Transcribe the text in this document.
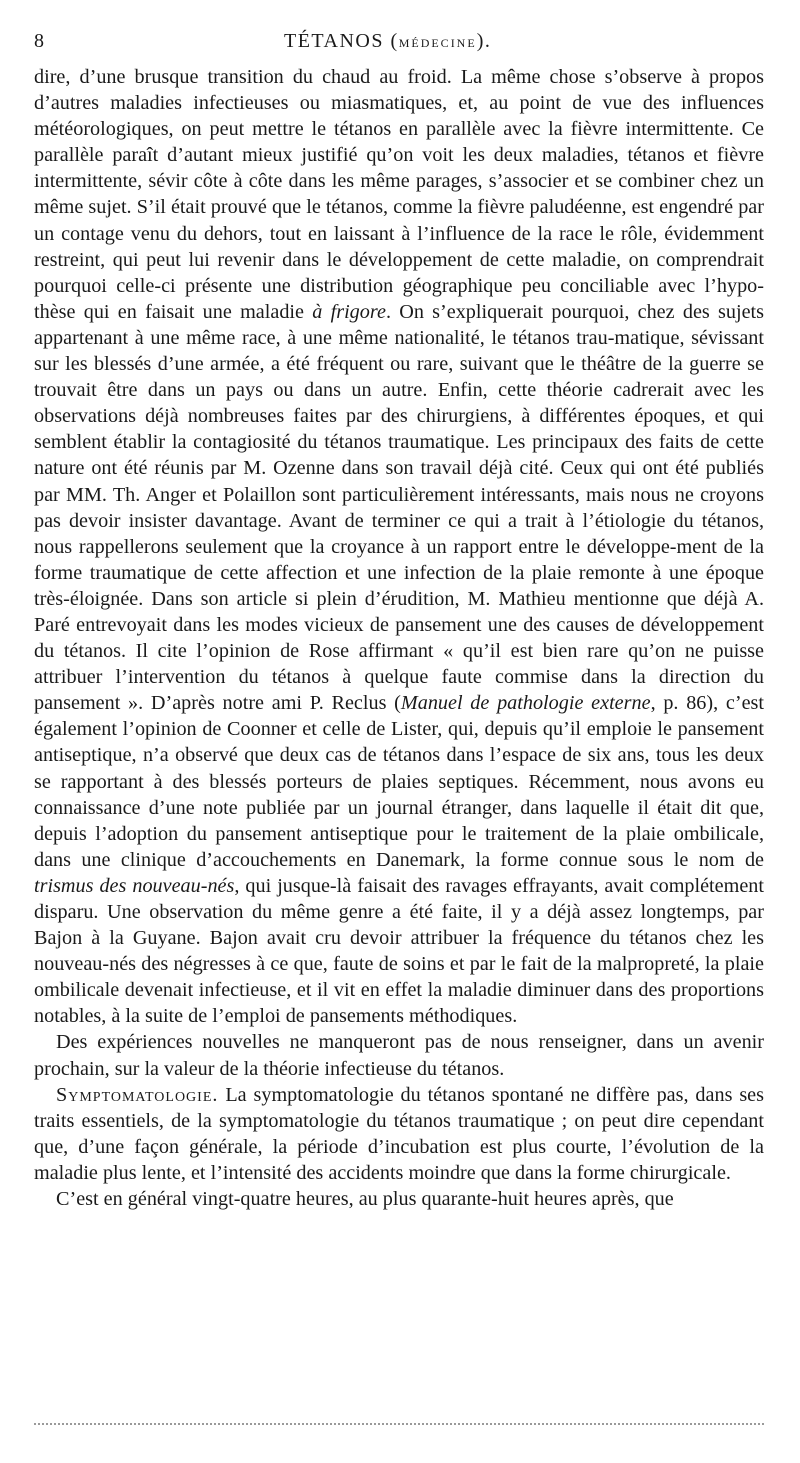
8	TÉTANOS (MÉDECINE).

dire, d’une brusque transition du chaud au froid. La même chose s’observe à propos d’autres maladies infectieuses ou miasmatiques, et, au point de vue des influences météorologiques, on peut mettre le tétanos en parallèle avec la fièvre intermittente. Ce parallèle paraît d’autant mieux justifié qu’on voit les deux maladies, tétanos et fièvre intermittente, sévir côte à côte dans les même parages, s’associer et se combiner chez un même sujet. S’il était prouvé que le tétanos, comme la fièvre paludéenne, est engendré par un contage venu du dehors, tout en laissant à l’influence de la race le rôle, évidemment restreint, qui peut lui revenir dans le développement de cette maladie, on comprendrait pourquoi celle-ci présente une distribution géographique peu conciliable avec l’hypo-thèse qui en faisait une maladie à frigore. On s’expliquerait pourquoi, chez des sujets appartenant à une même race, à une même nationalité, le tétanos trau-matique, sévissant sur les blessés d’une armée, a été fréquent ou rare, suivant que le théâtre de la guerre se trouvait être dans un pays ou dans un autre. Enfin, cette théorie cadrerait avec les observations déjà nombreuses faites par des chirurgiens, à différentes époques, et qui semblent établir la contagiosité du tétanos traumatique. Les principaux des faits de cette nature ont été réunis par M. Ozenne dans son travail déjà cité. Ceux qui ont été publiés par MM. Th. Anger et Polaillon sont particulièrement intéressants, mais nous ne croyons pas devoir insister davantage. Avant de terminer ce qui a trait à l’étiologie du tétanos, nous rappellerons seulement que la croyance à un rapport entre le développe-ment de la forme traumatique de cette affection et une infection de la plaie remonte à une époque très-éloignée. Dans son article si plein d’érudition, M. Mathieu mentionne que déjà A. Paré entrevoyait dans les modes vicieux de pansement une des causes de développement du tétanos. Il cite l’opinion de Rose affirmant « qu’il est bien rare qu’on ne puisse attribuer l’intervention du tétanos à quelque faute commise dans la direction du pansement ». D’après notre ami P. Reclus (Manuel de pathologie externe, p. 86), c’est également l’opinion de Coonner et celle de Lister, qui, depuis qu’il emploie le pansement antiseptique, n’a observé que deux cas de tétanos dans l’espace de six ans, tous les deux se rapportant à des blessés porteurs de plaies septiques. Récemment, nous avons eu connaissance d’une note publiée par un journal étranger, dans laquelle il était dit que, depuis l’adoption du pansement antiseptique pour le traitement de la plaie ombilicale, dans une clinique d’accouchements en Danemark, la forme connue sous le nom de trismus des nouveau-nés, qui jusque-là faisait des ravages effrayants, avait complétement disparu. Une observation du même genre a été faite, il y a déjà assez longtemps, par Bajon à la Guyane. Bajon avait cru devoir attribuer la fréquence du tétanos chez les nouveau-nés des négresses à ce que, faute de soins et par le fait de la malpropreté, la plaie ombilicale devenait infectieuse, et il vit en effet la maladie diminuer dans des proportions notables, à la suite de l’emploi de pansements méthodiques.

Des expériences nouvelles ne manqueront pas de nous renseigner, dans un avenir prochain, sur la valeur de la théorie infectieuse du tétanos.

Symptomatologie. La symptomatologie du tétanos spontané ne diffère pas, dans ses traits essentiels, de la symptomatologie du tétanos traumatique ; on peut dire cependant que, d’une façon générale, la période d’incubation est plus courte, l’évolution de la maladie plus lente, et l’intensité des accidents moindre que dans la forme chirurgicale.

C’est en général vingt-quatre heures, au plus quarante-huit heures après, que
